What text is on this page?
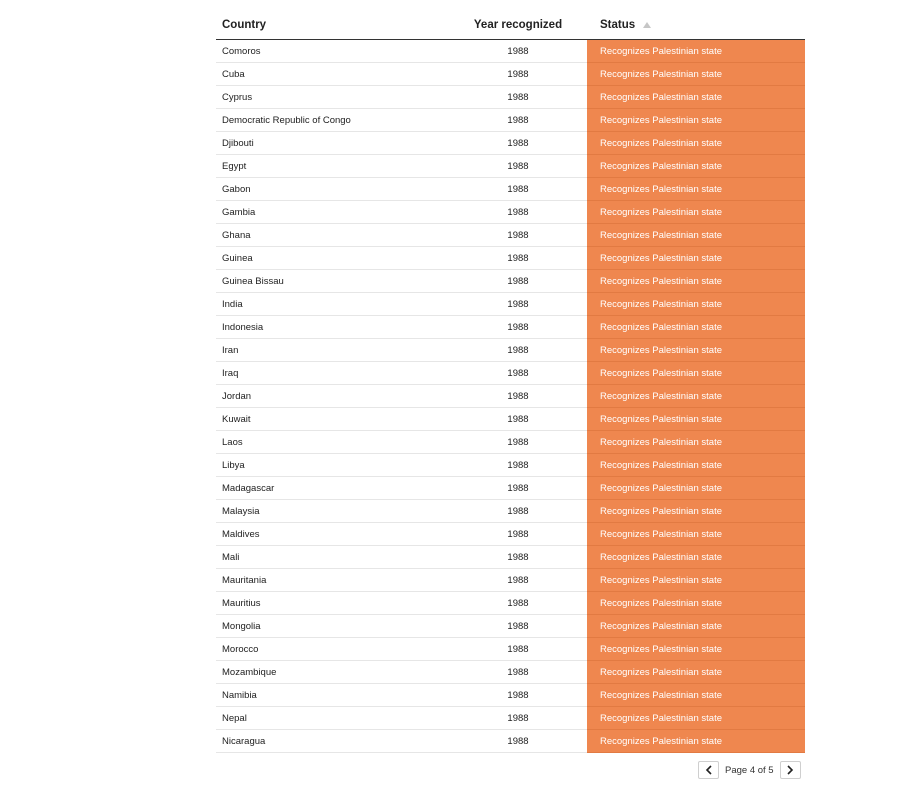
Country	Year recognized	Status
Comoros	1988	Recognizes Palestinian state
Cuba	1988	Recognizes Palestinian state
Cyprus	1988	Recognizes Palestinian state
Democratic Republic of Congo	1988	Recognizes Palestinian state
Djibouti	1988	Recognizes Palestinian state
Egypt	1988	Recognizes Palestinian state
Gabon	1988	Recognizes Palestinian state
Gambia	1988	Recognizes Palestinian state
Ghana	1988	Recognizes Palestinian state
Guinea	1988	Recognizes Palestinian state
Guinea Bissau	1988	Recognizes Palestinian state
India	1988	Recognizes Palestinian state
Indonesia	1988	Recognizes Palestinian state
Iran	1988	Recognizes Palestinian state
Iraq	1988	Recognizes Palestinian state
Jordan	1988	Recognizes Palestinian state
Kuwait	1988	Recognizes Palestinian state
Laos	1988	Recognizes Palestinian state
Libya	1988	Recognizes Palestinian state
Madagascar	1988	Recognizes Palestinian state
Malaysia	1988	Recognizes Palestinian state
Maldives	1988	Recognizes Palestinian state
Mali	1988	Recognizes Palestinian state
Mauritania	1988	Recognizes Palestinian state
Mauritius	1988	Recognizes Palestinian state
Mongolia	1988	Recognizes Palestinian state
Morocco	1988	Recognizes Palestinian state
Mozambique	1988	Recognizes Palestinian state
Namibia	1988	Recognizes Palestinian state
Nepal	1988	Recognizes Palestinian state
Nicaragua	1988	Recognizes Palestinian state
Page 4 of 5
